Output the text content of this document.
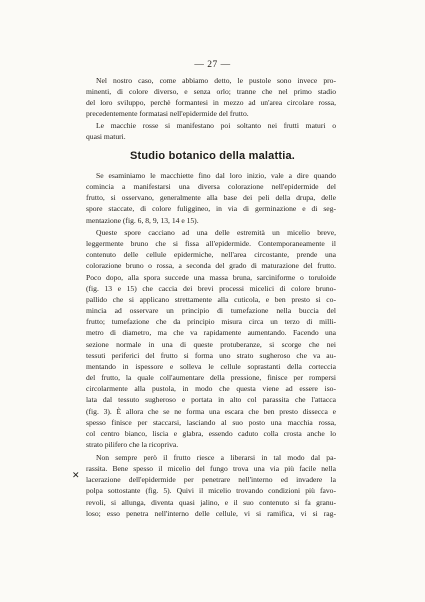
— 27 —
Nel nostro caso, come abbiamo detto, le pustole sono invece pro-
minenti, di colore diverso, e senza orlo; tranne che nel primo stadio
del loro sviluppo, perchè formantesi in mezzo ad un'area circolare rossa,
precedentemente formatasi nell'epidermide del frutto.
Le macchie rosse si manifestano poi soltanto nei frutti maturi o
quasi maturi.
Studio botanico della malattia.
Se esaminiamo le macchiette fino dal loro inizio, vale a dire quando
comincia a manifestarsi una diversa colorazione nell'epidermide del
frutto, si osservano, generalmente alla base dei peli della drupa, delle
spore staccate, di colore fuliggineo, in via di germinazione e di seg-
mentazione (fig. 6, 8, 9, 13, 14 e 15).
Queste spore cacciano ad una delle estremità un micelio breve,
leggermente bruno che si fissa all'epidermide. Contemporaneamente il
contenuto delle cellule epidermiche, nell'area circostante, prende una
colorazione bruno o rossa, a seconda del grado di maturazione del frutto.
Poco dopo, alla spora succede una massa bruna, sarciniforme o toruloide
(fig. 13 e 15) che caccia dei brevi processi micelici di colore bruno-
pallido che si applicano strettamente alla cuticola, e ben presto si co-
mincia ad osservare un principio di tumefazione nella buccia del
frutto; tumefazione che da principio misura circa un terzo di milli-
metro di diametro, ma che va rapidamente aumentando. Facendo una
sezione normale in una di queste protuberanze, si scorge che nei
tessuti periferici del frutto si forma uno strato sugheroso che va au-
mentando in ispessore e solleva le cellule soprastanti della corteccia
del frutto, la quale coll'aumentare della pressione, finisce per rompersi
circolarmente alla pustola, in modo che questa viene ad essere iso-
lata dal tessuto sugheroso e portata in alto col parassita che l'attacca
(fig. 3). È allora che se ne forma una escara che ben presto dissecca e
spesso finisce per staccarsi, lasciando al suo posto una macchia rossa,
col centro bianco, liscia e glabra, essendo caduto colla crosta anche lo
strato pilifero che la ricopriva.
Non sempre però il frutto riesce a liberarsi in tal modo dal pa-
rassita. Bene spesso il micelio del fungo trova una via più facile nella
lacerazione dell'epidermide per penetrare nell'interno ed invadere la
polpa sottostante (fig. 5). Quivi il micelio trovando condizioni più favo-
revoli, si allunga, diventa quasi jalino, e il suo contenuto si fa granu-
loso; esso penetra nell'interno delle cellule, vi si ramifica, vi si rag-
✕
